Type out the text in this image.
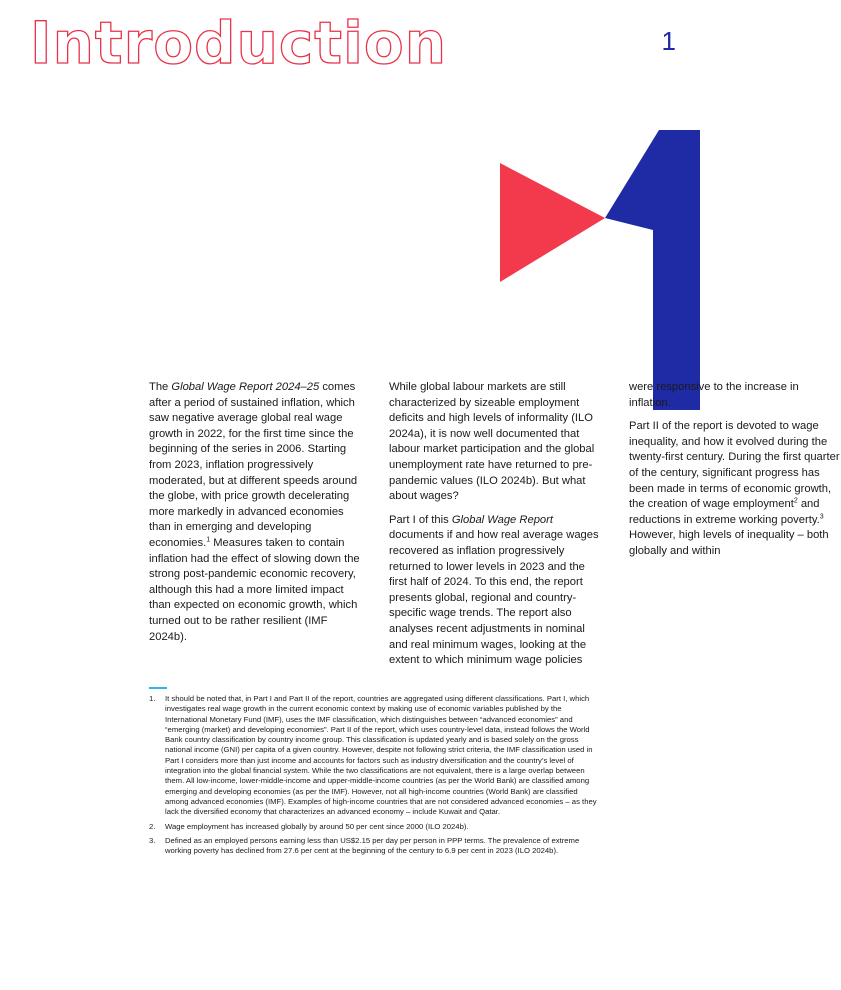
Introduction	1

The Global Wage Report 2024–25 comes after a period of sustained inflation, which saw negative average global real wage growth in 2022, for the first time since the beginning of the series in 2006. Starting from 2023, inflation progressively moderated, but at different speeds around the globe, with price growth decelerating more markedly in advanced economies than in emerging and developing economies.$^1$ Measures taken to contain inflation had the effect of slowing down the strong post-pandemic economic recovery, although this had a more limited impact than expected on economic growth, which turned out to be rather resilient (IMF 2024b).

While global labour markets are still characterized by sizeable employment deficits and high levels of informality (ILO 2024a), it is now well documented that labour market participation and the global unemployment rate have returned to pre-pandemic values (ILO 2024b). But what about wages?

Part I of this Global Wage Report documents if and how real average wages recovered as inflation progressively returned to lower levels in 2023 and the first half of 2024. To this end, the report presents global, regional and country-specific wage trends. The report also analyses recent adjustments in nominal and real minimum wages, looking at the extent to which minimum wage policies were responsive to the increase in inflation.

Part II of the report is devoted to wage inequality, and how it evolved during the twenty-first century. During the first quarter of the century, significant progress has been made in terms of economic growth, the creation of wage employment$^2$ and reductions in extreme working poverty.$^3$ However, high levels of inequality – both globally and within

1.	It should be noted that, in Part I and Part II of the report, countries are aggregated using different classifications. Part I, which investigates real wage growth in the current economic context by making use of economic variables published by the International Monetary Fund (IMF), uses the IMF classification, which distinguishes between “advanced economies” and “emerging (market) and developing economies”. Part II of the report, which uses country-level data, instead follows the World Bank country classification by country income group. This classification is updated yearly and is based solely on the gross national income (GNI) per capita of a given country. However, despite not following strict criteria, the IMF classification used in Part I considers more than just income and accounts for factors such as industry diversification and the country’s level of integration into the global financial system. While the two classifications are not equivalent, there is a large overlap between them. All low-income, lower-middle-income and upper-middle-income countries (as per the World Bank) are classified among emerging and developing economies (as per the IMF). However, not all high-income countries (World Bank) are classified among advanced economies (IMF). Examples of high-income countries that are not considered advanced economies – as they lack the diversified economy that characterizes an advanced economy – include Kuwait and Qatar.
2.	Wage employment has increased globally by around 50 per cent since 2000 (ILO 2024b).
3.	Defined as an employed persons earning less than US$2.15 per day per person in PPP terms. The prevalence of extreme working poverty has declined from 27.6 per cent at the beginning of the century to 6.9 per cent in 2023 (ILO 2024b).
